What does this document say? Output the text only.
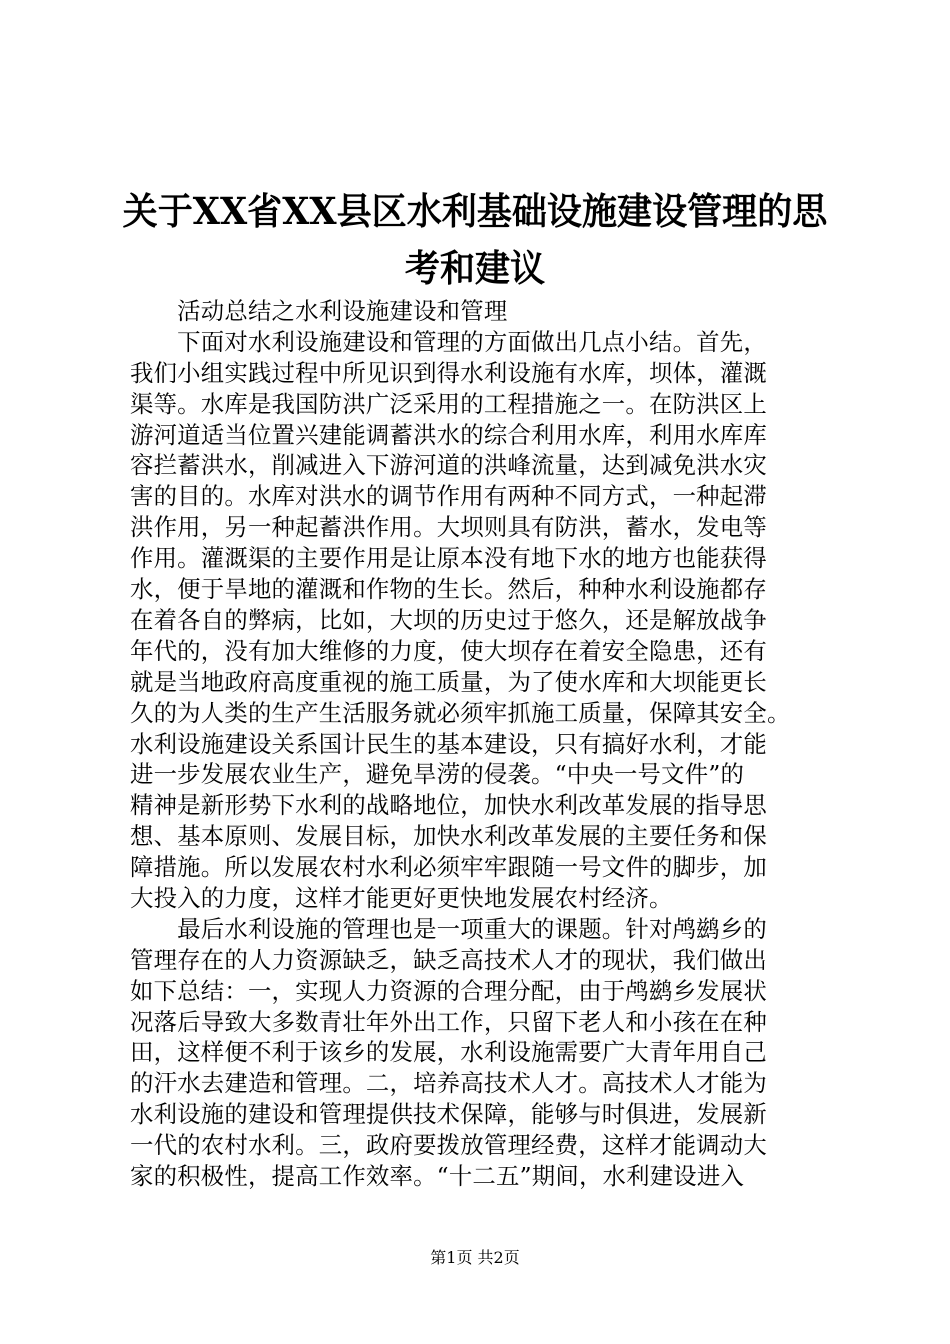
关于XX省XX县区水利基础设施建设管理的思
考和建议
　　活动总结之水利设施建设和管理
　　下面对水利设施建设和管理的方面做出几点小结。首先，
我们小组实践过程中所见识到得水利设施有水库，坝体，灌溉
渠等。水库是我国防洪广泛采用的工程措施之一。在防洪区上
游河道适当位置兴建能调蓄洪水的综合利用水库，利用水库库
容拦蓄洪水，削减进入下游河道的洪峰流量，达到减免洪水灾
害的目的。水库对洪水的调节作用有两种不同方式，一种起滞
洪作用，另一种起蓄洪作用。大坝则具有防洪，蓄水，发电等
作用。灌溉渠的主要作用是让原本没有地下水的地方也能获得
水，便于旱地的灌溉和作物的生长。然后，种种水利设施都存
在着各自的弊病，比如，大坝的历史过于悠久，还是解放战争
年代的，没有加大维修的力度，使大坝存在着安全隐患，还有
就是当地政府高度重视的施工质量，为了使水库和大坝能更长
久的为人类的生产生活服务就必须牢抓施工质量，保障其安全。
水利设施建设关系国计民生的基本建设，只有搞好水利，才能
进一步发展农业生产，避免旱涝的侵袭。“中央一号文件”的
精神是新形势下水利的战略地位，加快水利改革发展的指导思
想、基本原则、发展目标，加快水利改革发展的主要任务和保
障措施。所以发展农村水利必须牢牢跟随一号文件的脚步，加
大投入的力度，这样才能更好更快地发展农村经济。
　　最后水利设施的管理也是一项重大的课题。针对鸬鹚乡的
管理存在的人力资源缺乏，缺乏高技术人才的现状，我们做出
如下总结：一，实现人力资源的合理分配，由于鸬鹚乡发展状
况落后导致大多数青壮年外出工作，只留下老人和小孩在在种
田，这样便不利于该乡的发展，水利设施需要广大青年用自己
的汗水去建造和管理。二，培养高技术人才。高技术人才能为
水利设施的建设和管理提供技术保障，能够与时俱进，发展新
一代的农村水利。三，政府要拨放管理经费，这样才能调动大
家的积极性，提高工作效率。“十二五”期间，水利建设进入
第1页 共2页
